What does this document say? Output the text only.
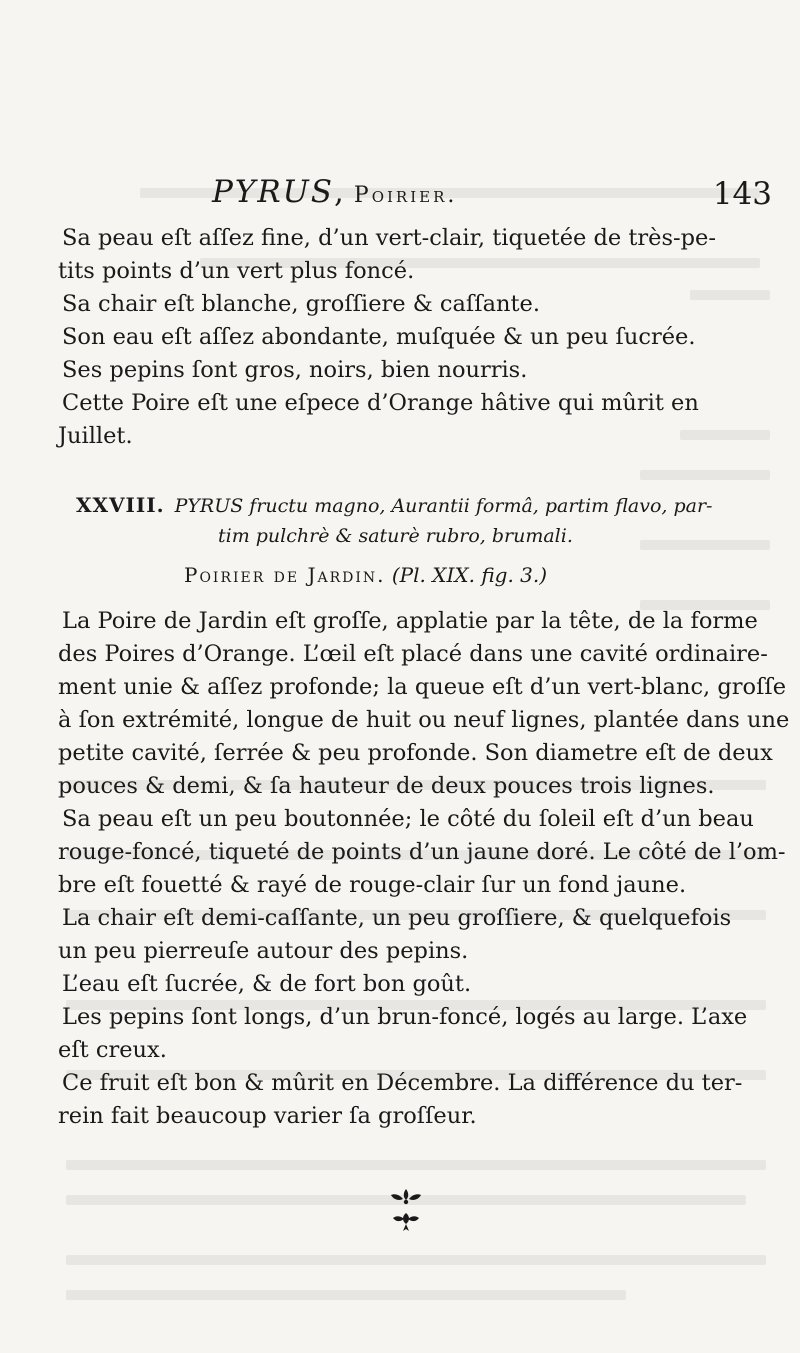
PYRUS , Poirier.	143
Sa peau eſt aſſez fine, d’un vert-clair, tiquetée de très-pe-
tits points d’un vert plus foncé.
Sa chair eſt blanche, groſſiere & caſſante.
Son eau eſt aſſez abondante, muſquée & un peu ſucrée.
Ses pepins ſont gros, noirs, bien nourris.
Cette Poire eſt une eſpece d’Orange hâtive qui mûrit en
Juillet.
XXVIII. PYRUS fructu magno, Aurantii formâ, partim flavo, par-
tim pulchrè & saturè rubro, brumali.
Poirier de Jardin. (Pl. XIX. fig. 3.)
La Poire de Jardin eſt groſſe, applatie par la tête, de la forme
des Poires d’Orange. L’œil eſt placé dans une cavité ordinaire-
ment unie & aſſez profonde; la queue eſt d’un vert-blanc, groſſe
à ſon extrémité, longue de huit ou neuf lignes, plantée dans une
petite cavité, ſerrée & peu profonde. Son diametre eſt de deux
pouces & demi, & ſa hauteur de deux pouces trois lignes.
Sa peau eſt un peu boutonnée; le côté du ſoleil eſt d’un beau
rouge-foncé, tiqueté de points d’un jaune doré. Le côté de l’om-
bre eſt fouetté & rayé de rouge-clair ſur un fond jaune.
La chair eſt demi-caſſante, un peu groſſiere, & quelquefois
un peu pierreuſe autour des pepins.
L’eau eſt ſucrée, & de fort bon goût.
Les pepins ſont longs, d’un brun-foncé, logés au large. L’axe
eſt creux.
Ce fruit eſt bon & mûrit en Décembre. La différence du ter-
rein fait beaucoup varier ſa groſſeur.
